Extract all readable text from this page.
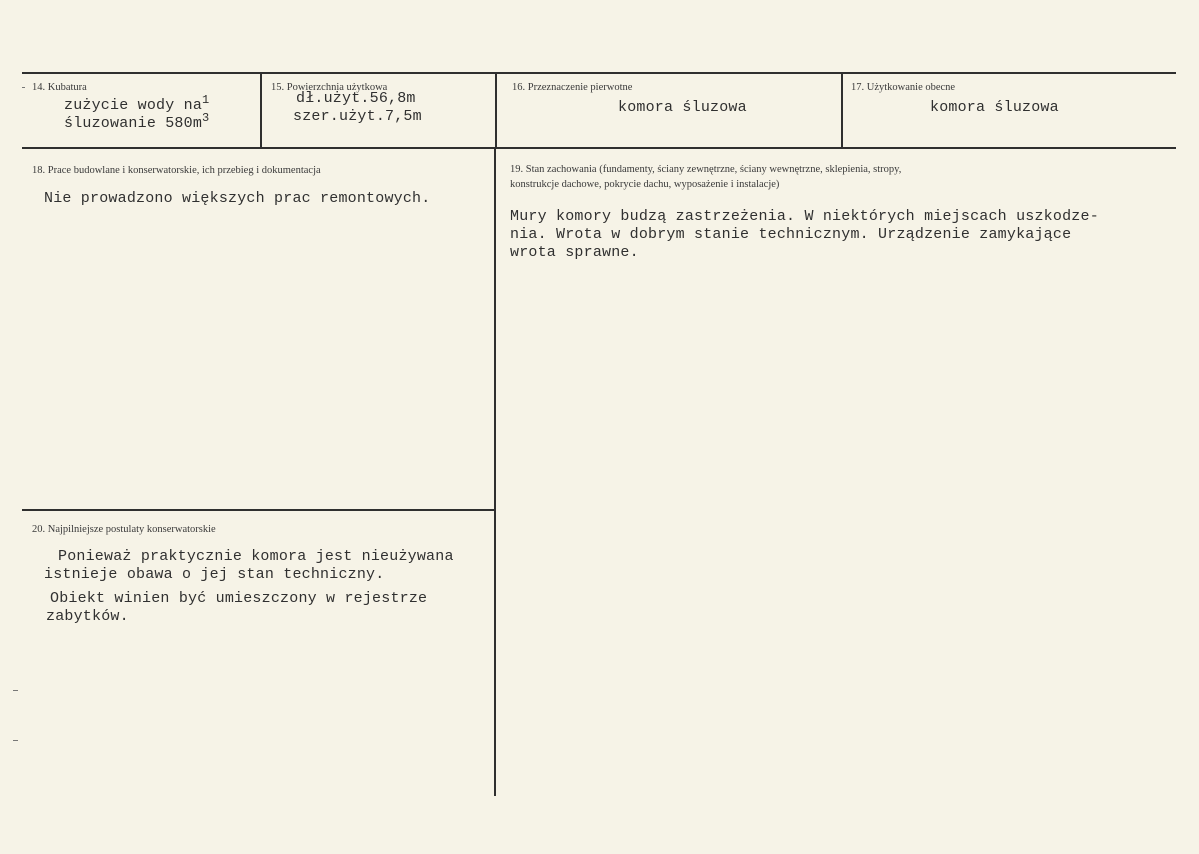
14. Kubatura
zużycie wody $na^1$
śluzowanie $580m^3$
15. Powierzchnia użytkowa
dł.użyt.56,8m
szer.użyt.7,5m
16. Przeznaczenie pierwotne
komora śluzowa
17. Użytkowanie obecne
komora śluzowa
18. Prace budowlane i konserwatorskie, ich przebieg i dokumentacja
Nie prowadzono większych prac remontowych.
19. Stan zachowania (fundamenty, ściany zewnętrzne, ściany wewnętrzne, sklepienia, stropy,
konstrukcje dachowe, pokrycie dachu, wyposażenie i instalacje)
Mury komory budzą zastrzeżenia. W niektórych miejscach uszkodze-
nia. Wrota w dobrym stanie technicznym. Urządzenie zamykające
wrota sprawne.
20. Najpilniejsze postulaty konserwatorskie
Ponieważ praktycznie komora jest nieużywana
istnieje obawa o jej stan techniczny.
Obiekt winien być umieszczony w rejestrze
zabytków.
